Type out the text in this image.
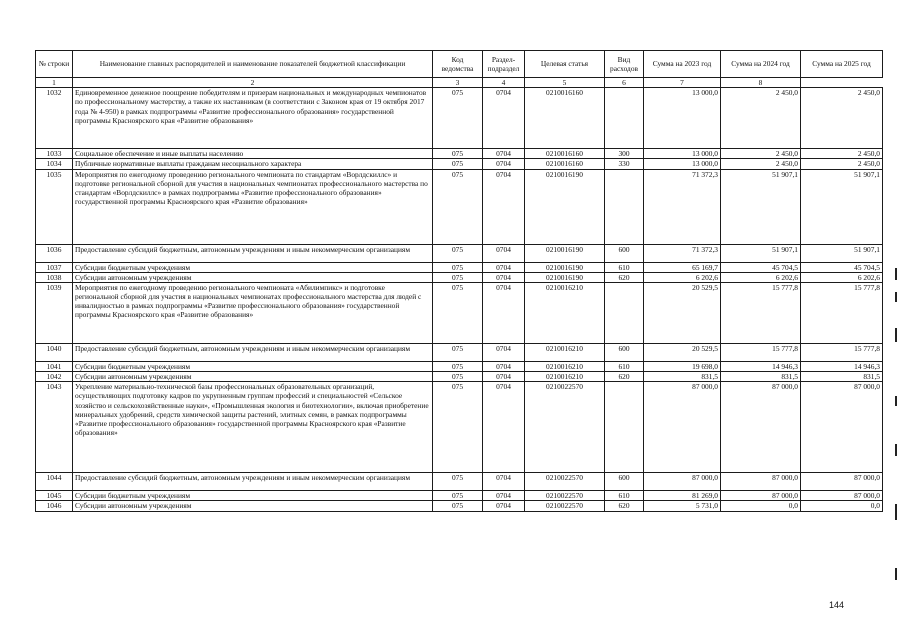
№ строки	Наименование главных распорядителей и наименование показателей бюджетной классификации	Код ведомства	Раздел-подраздел	Целевая статья	Вид расходов	Сумма на 2023 год	Сумма на 2024 год	Сумма на 2025 год
1	2	3	4	5	6	7	8	
1032	Единовременное денежное поощрение победителям и призерам национальных и международных чемпионатов по профессиональному мастерству, а также их наставникам (в соответствии с Законом края от 19 октября 2017 года № 4-950) в рамках подпрограммы «Развитие профессионального образования» государственной программы Красноярского края «Развитие образования»	075	0704	0210016160		13 000,0	2 450,0	2 450,0
1033	Социальное обеспечение и иные выплаты населению	075	0704	0210016160	300	13 000,0	2 450,0	2 450,0
1034	Публичные нормативные выплаты гражданам несоциального характера	075	0704	0210016160	330	13 000,0	2 450,0	2 450,0
1035	Мероприятия по ежегодному проведению регионального чемпионата по стандартам «Ворлдскиллс» и подготовке региональной сборной для участия в национальных чемпионатах профессионального мастерства по стандартам «Ворлдскиллс» в рамках подпрограммы «Развитие профессионального образования» государственной программы Красноярского края «Развитие образования»	075	0704	0210016190		71 372,3	51 907,1	51 907,1
1036	Предоставление субсидий бюджетным, автономным учреждениям и иным некоммерческим организациям	075	0704	0210016190	600	71 372,3	51 907,1	51 907,1
1037	Субсидии бюджетным учреждениям	075	0704	0210016190	610	65 169,7	45 704,5	45 704,5
1038	Субсидии автономным учреждениям	075	0704	0210016190	620	6 202,6	6 202,6	6 202,6
1039	Мероприятия по ежегодному проведению регионального чемпионата «Абилимпикс» и подготовке региональной сборной для участия в национальных чемпионатах профессионального мастерства для людей с инвалидностью в рамках подпрограммы «Развитие профессионального образования» государственной программы Красноярского края «Развитие образования»	075	0704	0210016210		20 529,5	15 777,8	15 777,8
1040	Предоставление субсидий бюджетным, автономным учреждениям и иным некоммерческим организациям	075	0704	0210016210	600	20 529,5	15 777,8	15 777,8
1041	Субсидии бюджетным учреждениям	075	0704	0210016210	610	19 698,0	14 946,3	14 946,3
1042	Субсидии автономным учреждениям	075	0704	0210016210	620	831,5	831,5	831,5
1043	Укрепление материально-технической базы профессиональных образовательных организаций, осуществляющих подготовку кадров по укрупненным группам профессий и специальностей «Сельское хозяйство и сельскохозяйственные науки», «Промышленная экология и биотехнологии», включая приобретение минеральных удобрений, средств химической защиты растений, элитных семян, в рамках подпрограммы «Развитие профессионального образования» государственной программы Красноярского края «Развитие образования»	075	0704	0210022570		87 000,0	87 000,0	87 000,0
1044	Предоставление субсидий бюджетным, автономным учреждениям и иным некоммерческим организациям	075	0704	0210022570	600	87 000,0	87 000,0	87 000,0
1045	Субсидии бюджетным учреждениям	075	0704	0210022570	610	81 269,0	87 000,0	87 000,0
1046	Субсидии автономным учреждениям	075	0704	0210022570	620	5 731,0	0,0	0,0
144
